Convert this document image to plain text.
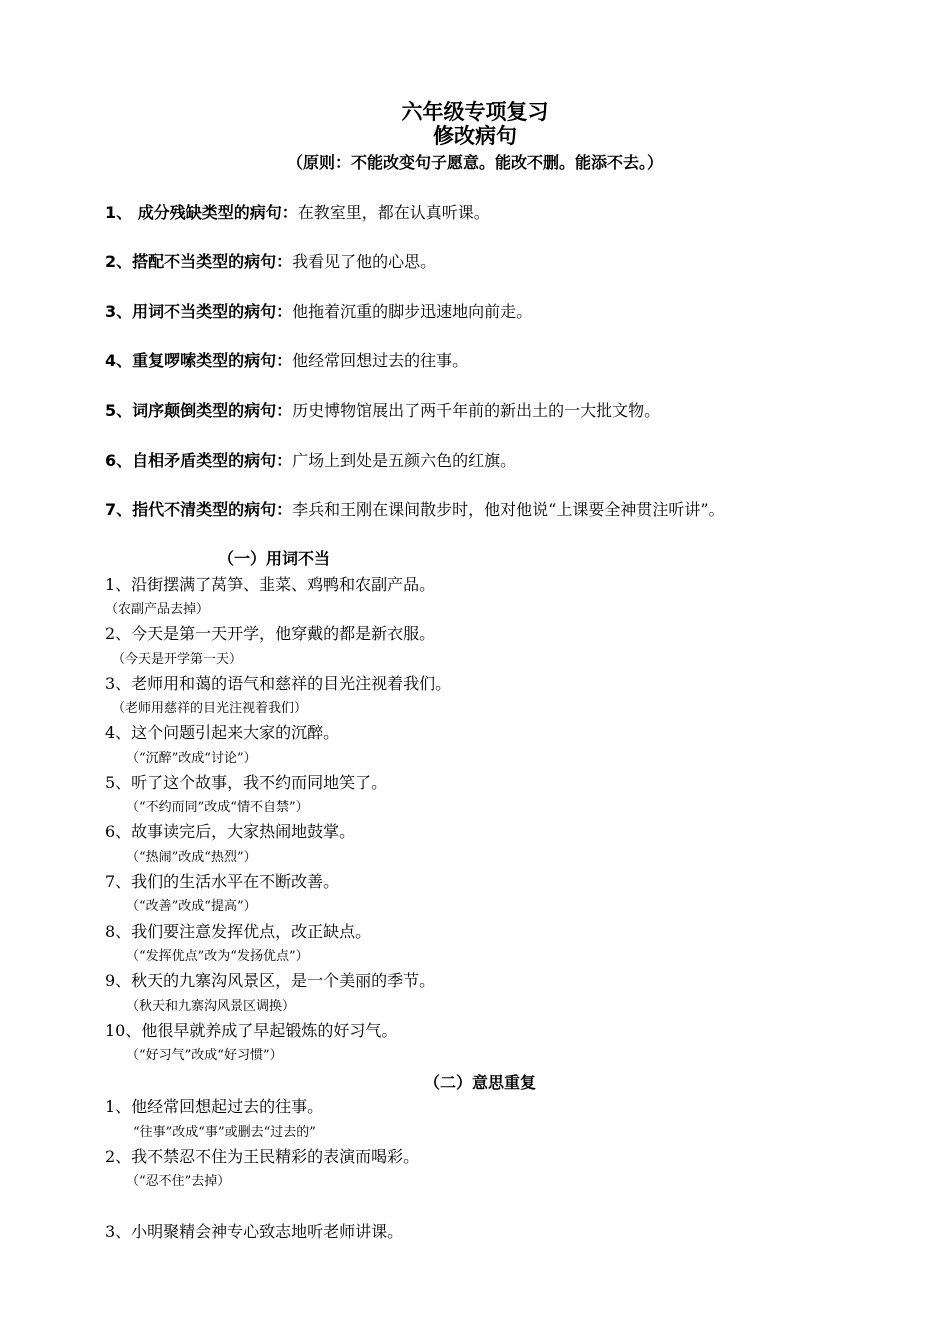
六年级专项复习
修改病句
（原则：不能改变句子愿意。能改不删。能添不去。）
1、 成分残缺类型的病句：在教室里，都在认真听课。
2、搭配不当类型的病句：我看见了他的心思。
3、用词不当类型的病句：他拖着沉重的脚步迅速地向前走。
4、重复啰嗦类型的病句：他经常回想过去的往事。
5、词序颠倒类型的病句：历史博物馆展出了两千年前的新出土的一大批文物。
6、自相矛盾类型的病句：广场上到处是五颜六色的红旗。
7、指代不清类型的病句：李兵和王刚在课间散步时，他对他说“上课要全神贯注听讲”。
（一）用词不当
1、沿街摆满了莴笋、韭菜、鸡鸭和农副产品。
（农副产品去掉）
2、今天是第一天开学，他穿戴的都是新衣服。
（今天是开学第一天）
3、老师用和蔼的语气和慈祥的目光注视着我们。
（老师用慈祥的目光注视着我们）
4、这个问题引起来大家的沉醉。
（“沉醉”改成“讨论”）
5、听了这个故事，我不约而同地笑了。
（“不约而同”改成“情不自禁”）
6、故事读完后，大家热闹地鼓掌。
（“热闹”改成“热烈”）
7、我们的生活水平在不断改善。
（“改善”改成“提高”）
8、我们要注意发挥优点，改正缺点。
（“发挥优点”改为“发扬优点”）
9、秋天的九寨沟风景区，是一个美丽的季节。
（秋天和九寨沟风景区调换）
10、他很早就养成了早起锻炼的好习气。
（“好习气”改成“好习惯”）
（二）意思重复
1、他经常回想起过去的往事。
“往事”改成“事”或删去“过去的”
2、我不禁忍不住为王民精彩的表演而喝彩。
（“忍不住”去掉）
3、小明聚精会神专心致志地听老师讲课。
